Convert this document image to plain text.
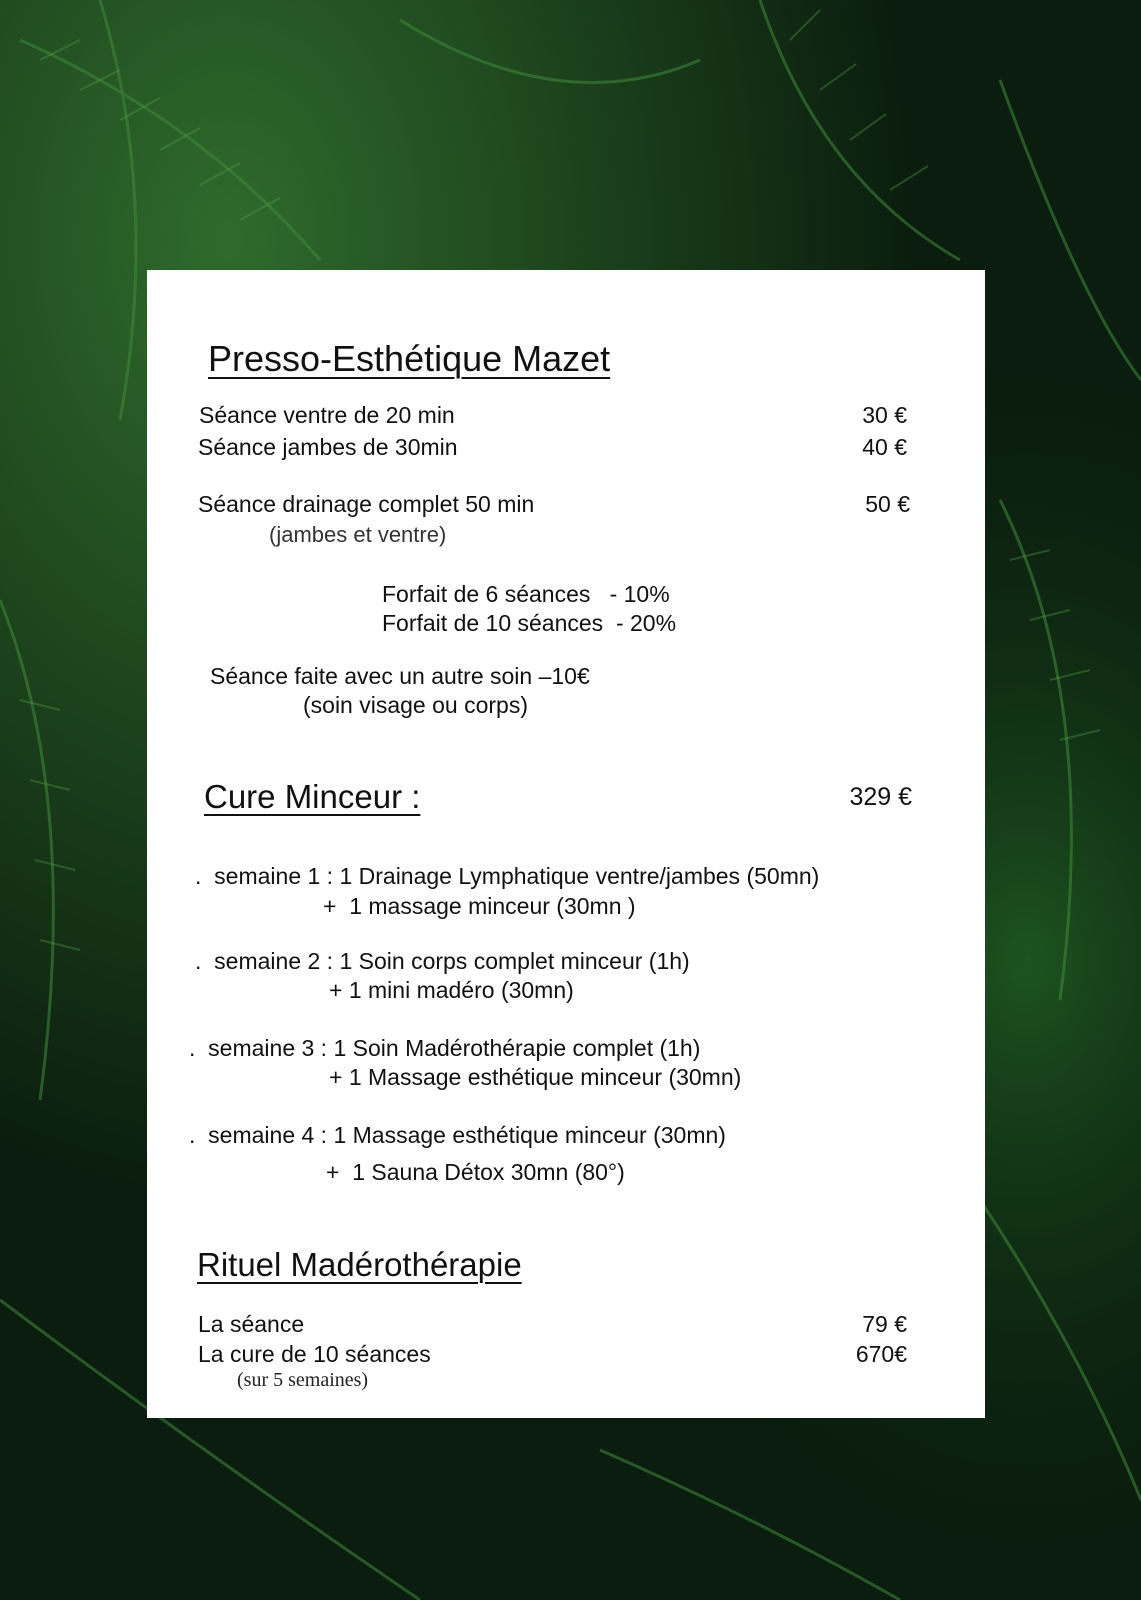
Presso-Esthétique Mazet
Séance ventre de 20 min	30 €
Séance jambes de 30min	40 €
Séance drainage complet 50 min	50 €
(jambes et ventre)
Forfait de 6 séances   - 10%
Forfait de 10 séances  - 20%
Séance faite avec un autre soin –10€
(soin visage ou corps)
Cure Minceur :	329 €
.  semaine 1 : 1 Drainage Lymphatique ventre/jambes (50mn)
+  1 massage minceur (30mn )
.  semaine 2 : 1 Soin corps complet minceur (1h)
+ 1 mini madéro (30mn)
.  semaine 3 : 1 Soin Madérothérapie complet (1h)
+ 1 Massage esthétique minceur (30mn)
.  semaine 4 : 1 Massage esthétique minceur (30mn)
+  1 Sauna Détox 30mn (80°)
Rituel Madérothérapie
La séance	79 €
La cure de 10 séances	670€
(sur 5 semaines)
